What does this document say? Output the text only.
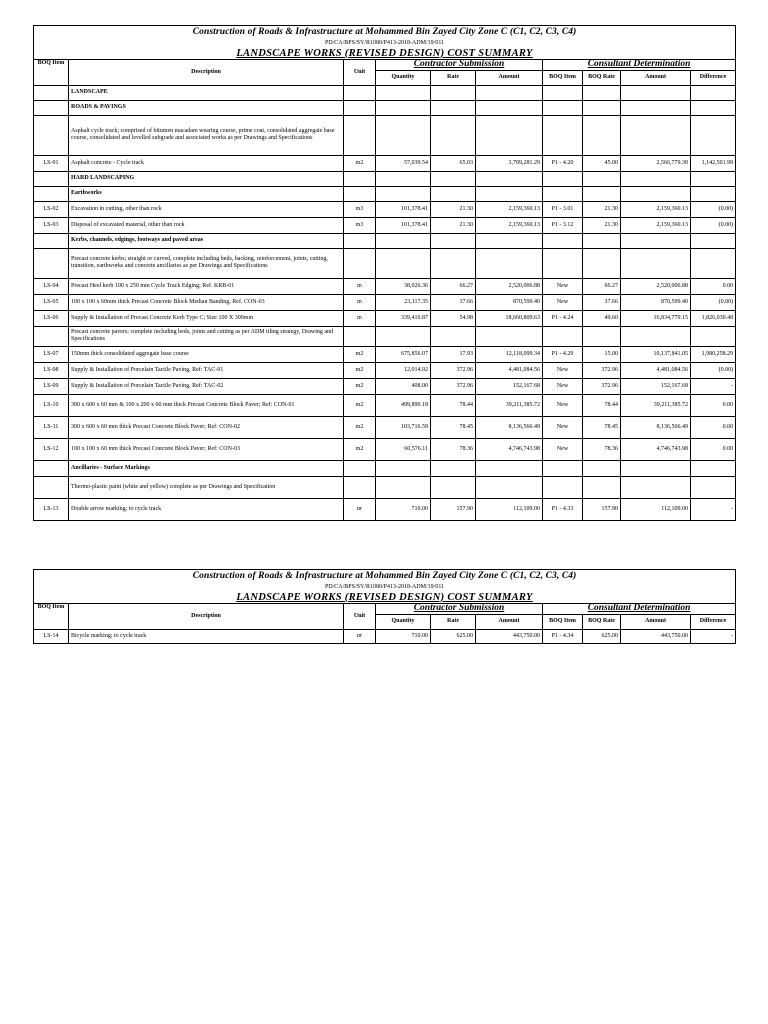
Construction of Roads & Infrastructure at Mohammed Bin Zayed City Zone C (C1, C2, C3, C4)									
PD/CA/BPS/SY/R1080/P413-2018-ADM/19/011									
LANDSCAPE WORKS (REVISED DESIGN) COST SUMMARY									
BOQ Item	Description	Unit	Contractor Submission			Consultant Determination			
			Quantity	Rate	Amount	BOQ Item	BOQ Rate	Amount	Difference
	LANDSCAPE								
	ROADS & PAVINGS								
	Asphalt cycle track; comprised of bitumen macadam wearing course, prime coat, consolidated aggregate base course, consolidated and levelled subgrade and associated works as per Drawings and Specifications								
LS-01	Asphalt concrete - Cycle track	m2	57,039.54	65.03	3,709,281.29	P1 - 4.20	45.00	2,566,779.30	1,142,501.99
	HARD LANDSCAPING								
	Earthworks								
LS-02	Excavation in cutting, other than rock	m3	101,378.41	21.30	2,159,360.13	P1 - 3.01	21.30	2,159,360.13	(0.00)
LS-03	Disposal of excavated material, other than rock	m3	101,378.41	21.30	2,159,360.13	P1 - 3.12	21.30	2,159,360.13	(0.00)
	Kerbs, channels, edgings, footways and paved areas								
	Precast concrete kerbs; straight or curved, complete including beds, backing, reinforcement, joints, cutting, transition, earthworks and concrete ancillaries as per Drawings and Specifications								
LS-04	Precast Heel kerb 100 x 250 mm Cycle Track Edging; Ref. KRB-01	m	38,026.36	66.27	2,520,006.88	New	66.27	2,520,006.88	0.00
LS-05	100 x 100 x 60mm thick Precast Concrete Block Median Banding, Ref. CON-03	m	23,117.35	37.66	870,599.40	New	37.66	870,599.40	(0.00)
LS-06	Supply & Installation of Precast Concrete Kerb Type C; Size 100 X 300mm	m	339,410.87	54.98	18,660,809.63	P1 - 4.24	49.60	16,834,779.15	1,826,030.48
	Precast concrete pavers; complete including beds, joints and cutting as per ADM tiling strategy, Drawing and Specifications								
LS-07	150mm thick consolidated aggregate base course	m2	675,856.07	17.93	12,118,099.34	P1 - 4.29	15.00	10,137,841.05	1,980,258.29
LS-08	Supply & Installation of Porcelain Tactile Paving, Ref: TAC-01	m2	12,014.92	372.96	4,481,084.56	New	372.96	4,481,084.56	(0.00)
LS-09	Supply & Installation of Porcelain Tactile Paving, Ref: TAC-02	m2	408.00	372.96	152,167.68	New	372.96	152,167.68	-
LS-10	300 x 600 x 60 mm & 100 x 200 x 60 mm thick Precast Concrete Block Paver; Ref: CON-01	m2	499,890.18	78.44	39,211,385.72	New	78.44	39,211,385.72	0.00
LS-11	300 x 600 x 60 mm thick Precast Concrete Block Paver; Ref: CON-02	m2	103,716.59	78.45	8,136,566.49	New	78.45	8,136,566.49	0.00
LS-12	100 x 100 x 60 mm thick Precast Concrete Block Paver; Ref: CON-03	m2	60,576.11	78.36	4,746,743.98	New	78.36	4,746,743.98	0.00
	Ancillaries - Surface Markings								
	Thermo-plastic paint (white and yellow) complete as per Drawings and Specification								
LS-13	Double arrow marking; to cycle track	nr	710.00	157.90	112,109.00	P1 - 4.33	157.90	112,109.00	-
Construction of Roads & Infrastructure at Mohammed Bin Zayed City Zone C (C1, C2, C3, C4)									
PD/CA/BPS/SY/R1080/P413-2018-ADM/19/011									
LANDSCAPE WORKS (REVISED DESIGN) COST SUMMARY									
BOQ Item	Description	Unit	Contractor Submission			Consultant Determination			
			Quantity	Rate	Amount	BOQ Item	BOQ Rate	Amount	Difference
LS-14	Bicycle marking; to cycle track	nr	710.00	625.00	443,750.00	P1 - 4.34	625.00	443,750.00	-
